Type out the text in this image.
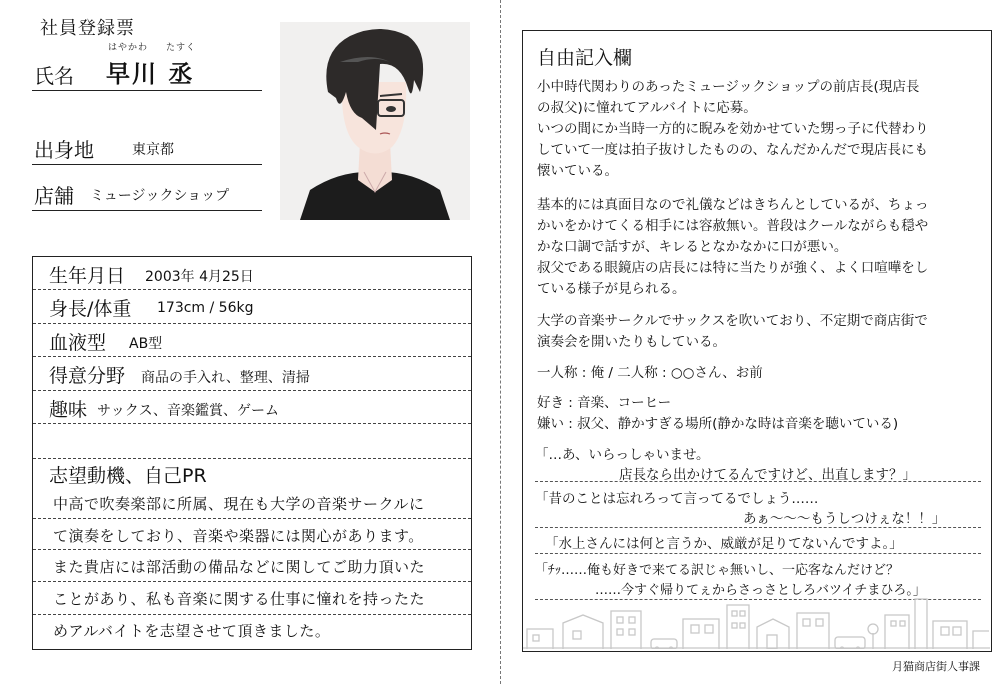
社員登録票
はやかわ たすく
氏名 早川 丞
出身地	東京都
店舗 ミュージックショップ
生年月日 2003年 4月25日
身長/体重 173cm / 56kg
血液型 AB型
得意分野 商品の手入れ、整理、清掃
趣味 サックス、音楽鑑賞、ゲーム
志望動機、自己PR
中高で吹奏楽部に所属、現在も大学の音楽サークルに
て演奏をしており、音楽や楽器には関心があります。
また貴店には部活動の備品などに関してご助力頂いた
ことがあり、私も音楽に関する仕事に憧れを持ったた
めアルバイトを志望させて頂きました。
自由記入欄
小中時代関わりのあったミュージックショップの前店長(現店長
の叔父)に憧れてアルバイトに応募。
いつの間にか当時一方的に睨みを効かせていた甥っ子に代替わり
していて一度は拍子抜けしたものの、なんだかんだで現店長にも
懐いている。
基本的には真面目なので礼儀などはきちんとしているが、ちょっ
かいをかけてくる相手には容赦無い。普段はクールながらも穏や
かな口調で話すが、キレるとなかなかに口が悪い。
叔父である眼鏡店の店長には特に当たりが強く、よく口喧嘩をし
ている様子が見られる。
大学の音楽サークルでサックスを吹いており、不定期で商店街で
演奏会を開いたりもしている。
一人称 : 俺 / 二人称 : ○○さん、お前
好き : 音楽、コーヒー
嫌い : 叔父、静かすぎる場所(静かな時は音楽を聴いている)
「…あ、いらっしゃいませ。
店長なら出かけてるんですけど、出直します？」
「昔のことは忘れろって言ってるでしょう……
あぁ～～～もうしつけぇな！！」
「水上さんには何と言うか、威厳が足りてないんですよ。」
「ﾁｯ……俺も好きで来てる訳じゃ無いし、一応客なんだけど？
……今すぐ帰りてぇからさっさとしろバツイチまひろ。」
月猫商店街人事課
